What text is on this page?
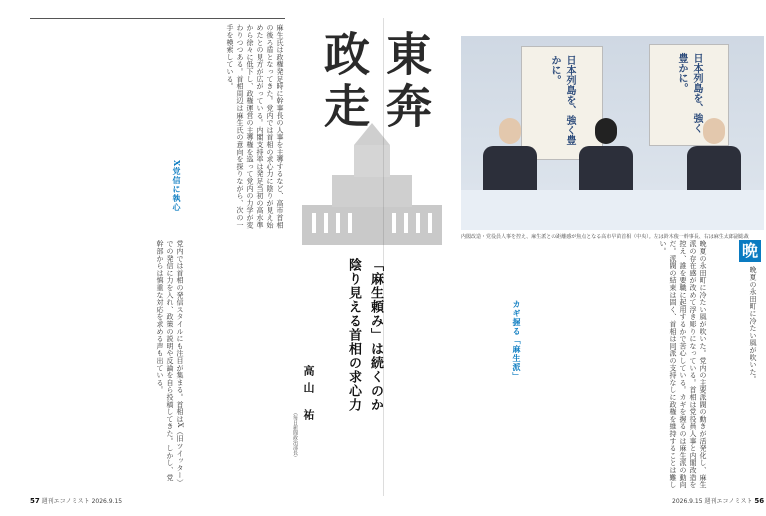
麻生氏は政権発足時に幹事長の人事を主導するなど、高市首相の後ろ盾となってきた。党内では首相の求心力に陰りが見え始めたとの見方が広がっている。内閣支持率は発足当初の高水準から徐々に低下し、政権運営の主導権を巡って党内の力学が変わりつつある。首相周辺は麻生氏の意向を探りながら、次の一手を模索している。
X党信に執心
党内では首相の発信スタイルにも注目が集まる。首相はX（旧ツイッター）での発信に力を入れ、政策の説明や反論を自ら投稿してきた。しかし、党幹部からは慎重な対応を求める声も出ている。
東奔
政走
「麻生頼み」は続くのか
陰り見える首相の求心力
高山 祐
（毎日新聞政治部長）
日本列島を、強く豊かに。	日本列島を、強く豊かに。
内閣改造・党役員人事を控え、麻生派との距離感が焦点となる高市早苗首相（中央）。左は鈴木俊一幹事長、右は麻生太郎副総裁
カギ握る「麻生派」	晩夏の永田町に冷たい風が吹いた。党内の主要派閥の動きが活発化し、麻生派の存在感が改めて浮き彫りになっている。首相は党役員人事と内閣改造を控え、誰を要職に起用するかで苦心している。カギを握るのは麻生派の動向だ。派閥の結束は固く、首相は同派の支持なしに政権を維持することは難しい。	晩
晩夏の永田町に冷たい風が吹いた。
57 週刊エコノミスト 2026.9.15	2026.9.15 週刊エコノミスト 56
